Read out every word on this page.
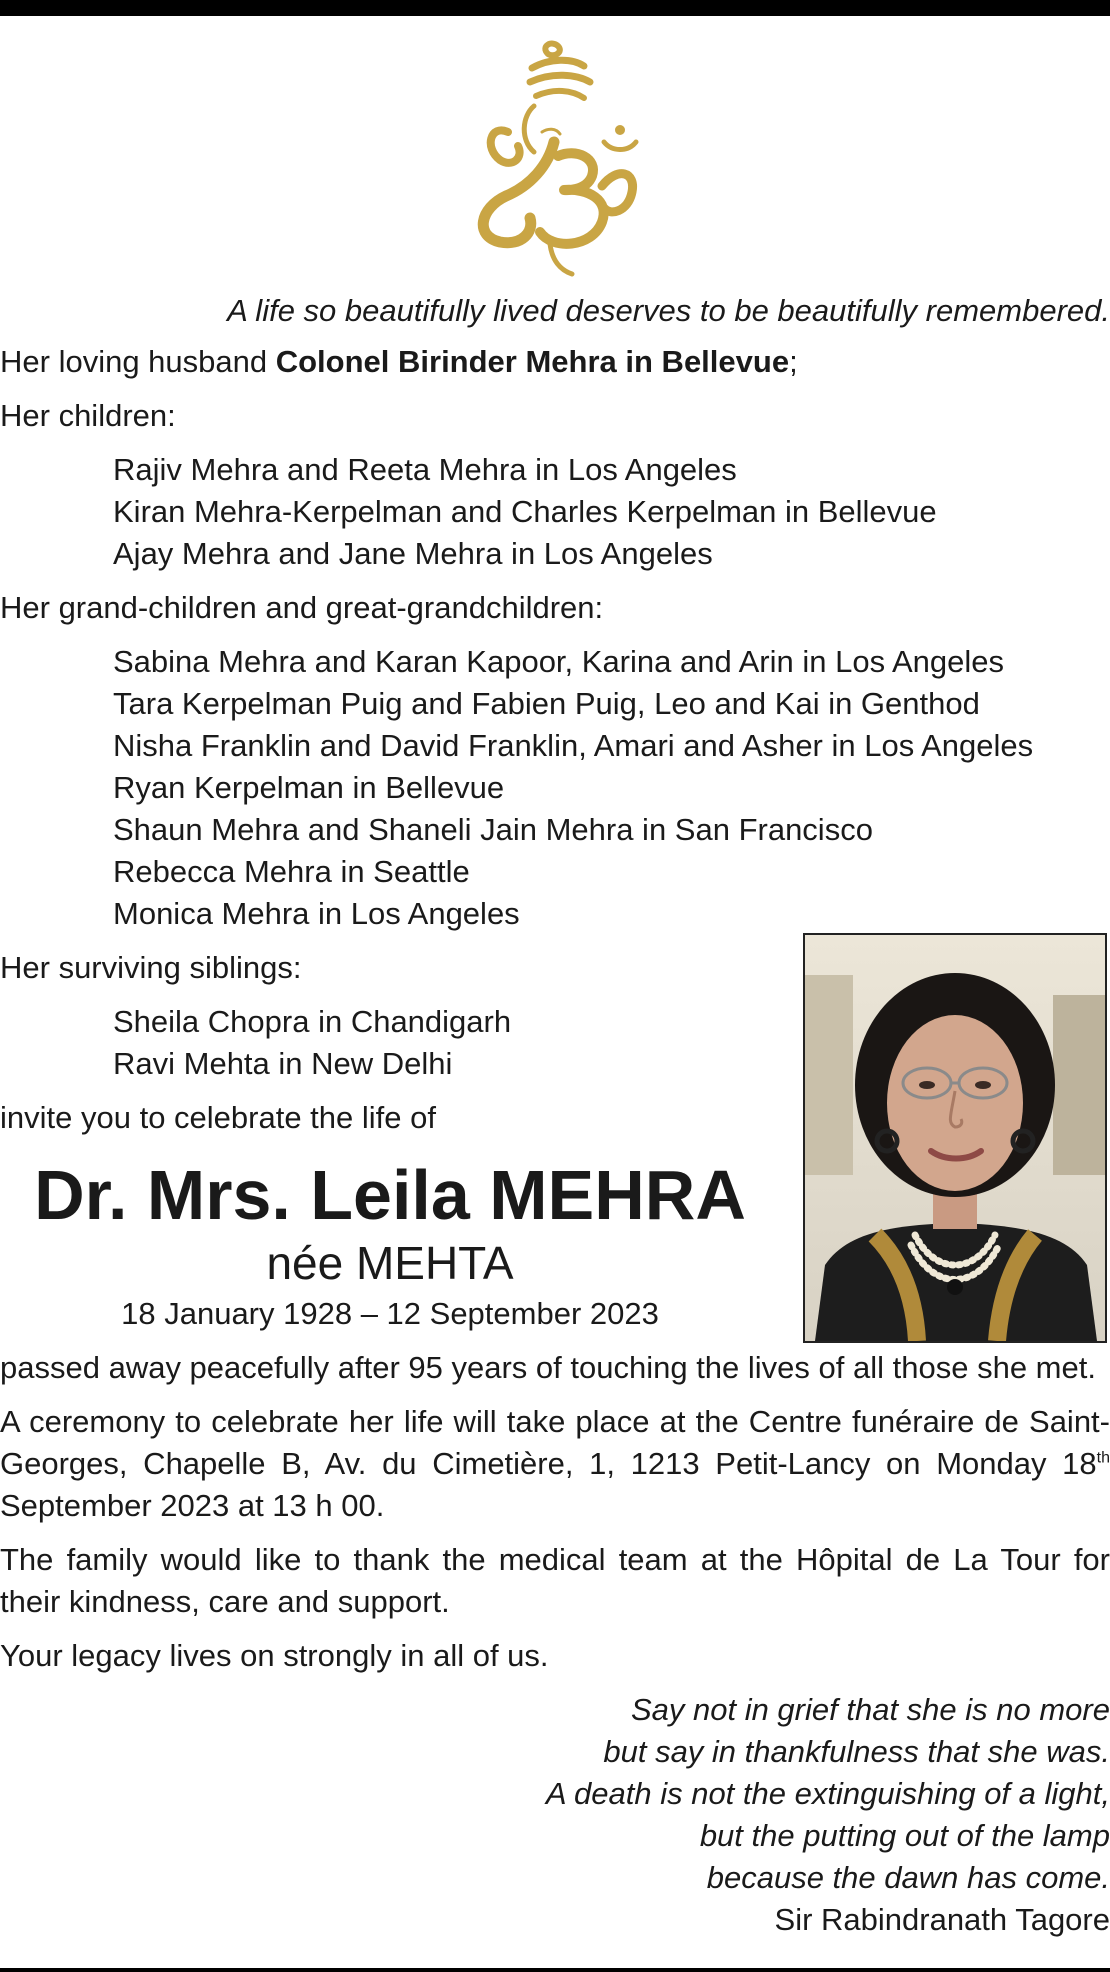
A life so beautifully lived deserves to be beautifully remembered.

Her loving husband Colonel Birinder Mehra in Bellevue;

Her children:

Rajiv Mehra and Reeta Mehra in Los Angeles

Kiran Mehra-Kerpelman and Charles Kerpelman in Bellevue

Ajay Mehra and Jane Mehra in Los Angeles

Her grand-children and great-grandchildren:

Sabina Mehra and Karan Kapoor, Karina and Arin in Los Angeles

Tara Kerpelman Puig and Fabien Puig, Leo and Kai in Genthod

Nisha Franklin and David Franklin, Amari and Asher in Los Angeles

Ryan Kerpelman in Bellevue

Shaun Mehra and Shaneli Jain Mehra in San Francisco

Rebecca Mehra in Seattle

Monica Mehra in Los Angeles

Her surviving siblings:

Sheila Chopra in Chandigarh

Ravi Mehta in New Delhi

invite you to celebrate the life of

Dr. Mrs. Leila MEHRA
née MEHTA
18 January 1928 – 12 September 2023

passed away peacefully after 95 years of touching the lives of all those she met.

A ceremony to celebrate her life will take place at the Centre funéraire de Saint-Georges, Chapelle B, Av. du Cimetière, 1, 1213 Petit-Lancy on Monday 18th September 2023 at 13 h 00.

The family would like to thank the medical team at the Hôpital de La Tour for their kindness, care and support.

Your legacy lives on strongly in all of us.

Say not in grief that she is no more

but say in thankfulness that she was.

A death is not the extinguishing of a light,

but the putting out of the lamp

because the dawn has come.

Sir Rabindranath Tagore
